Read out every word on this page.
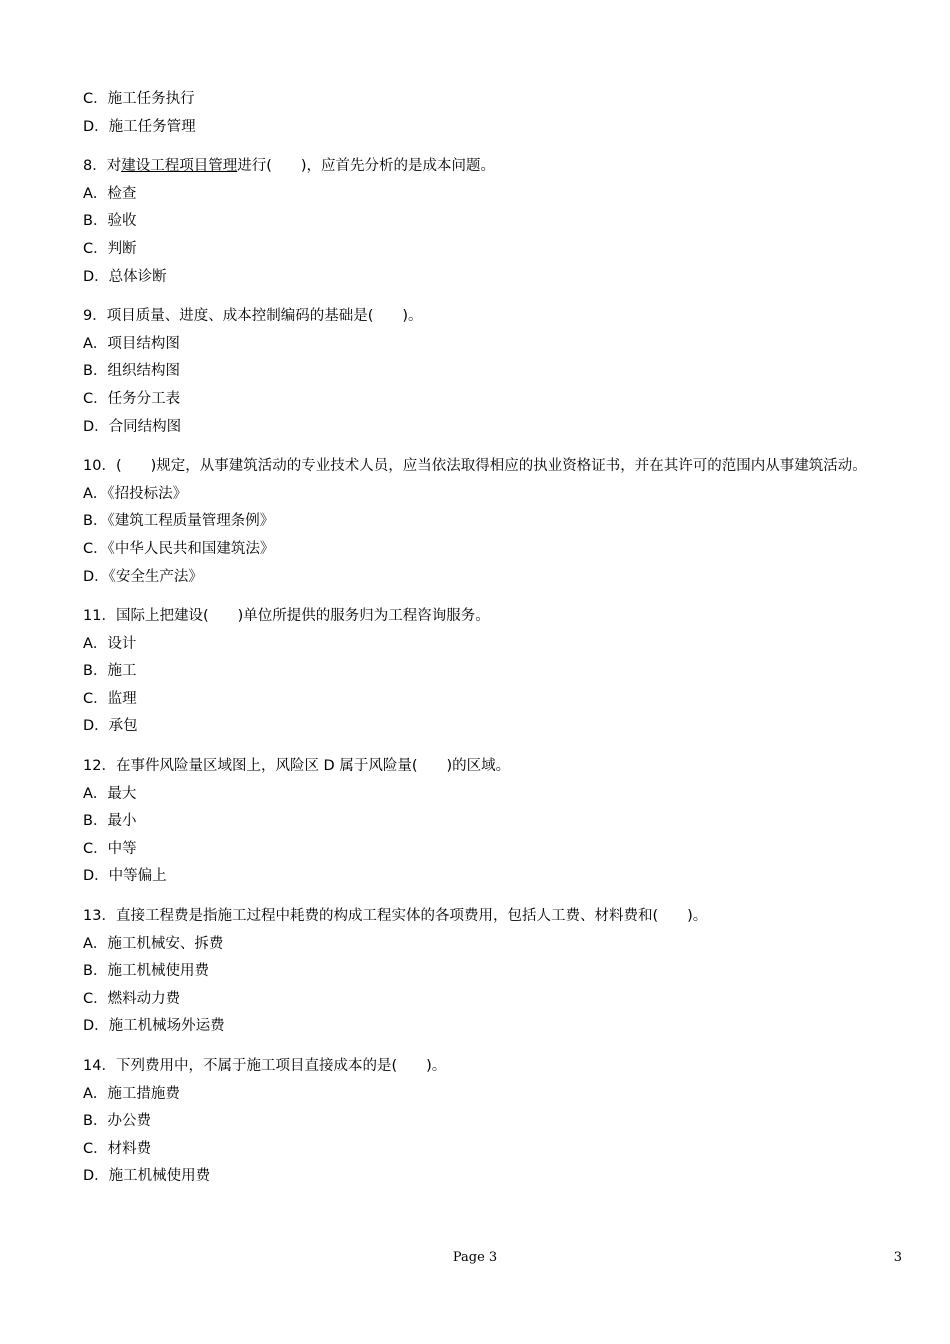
C．施工任务执行
D．施工任务管理
8．对建设工程项目管理进行(　　)，应首先分析的是成本问题。
A．检查
B．验收
C．判断
D．总体诊断
9．项目质量、进度、成本控制编码的基础是(　　)。
A．项目结构图
B．组织结构图
C．任务分工表
D．合同结构图
10．(　　)规定，从事建筑活动的专业技术人员，应当依法取得相应的执业资格证书，并在其许可的范围内从事建筑活动。
A．《招投标法》
B．《建筑工程质量管理条例》
C．《中华人民共和国建筑法》
D．《安全生产法》
11．国际上把建设(　　)单位所提供的服务归为工程咨询服务。
A．设计
B．施工
C．监理
D．承包
12．在事件风险量区域图上，风险区 D 属于风险量(　　)的区域。
A．最大
B．最小
C．中等
D．中等偏上
13．直接工程费是指施工过程中耗费的构成工程实体的各项费用，包括人工费、材料费和(　　)。
A．施工机械安、拆费
B．施工机械使用费
C．燃料动力费
D．施工机械场外运费
14．下列费用中，不属于施工项目直接成本的是(　　)。
A．施工措施费
B．办公费
C．材料费
D．施工机械使用费
Page 3	3
